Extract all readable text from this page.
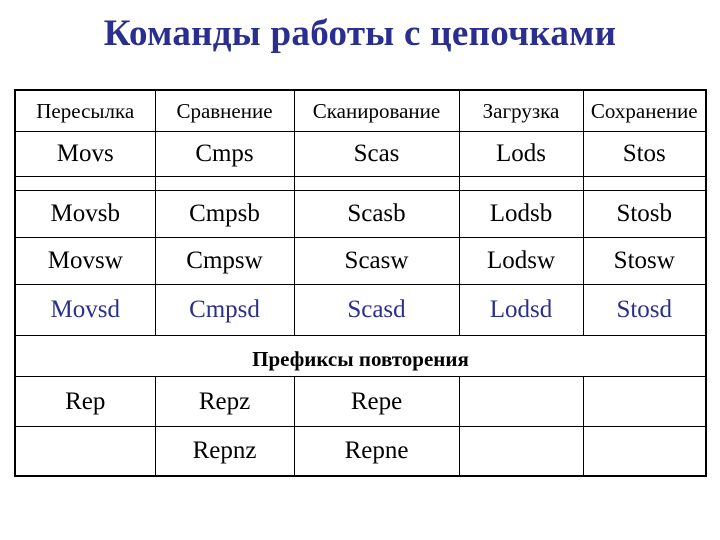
Команды работы с цепочками
Пересылка	Сравнение	Сканирование	Загрузка	Сохранение
Movs	Cmps	Scas	Lods	Stos

Movsb	Cmpsb	Scasb	Lodsb	Stosb
Movsw	Cmpsw	Scasw	Lodsw	Stosw
Movsd	Cmpsd	Scasd	Lodsd	Stosd
Префиксы повторения				
Rep	Repz	Repe		
	Repnz	Repne		
